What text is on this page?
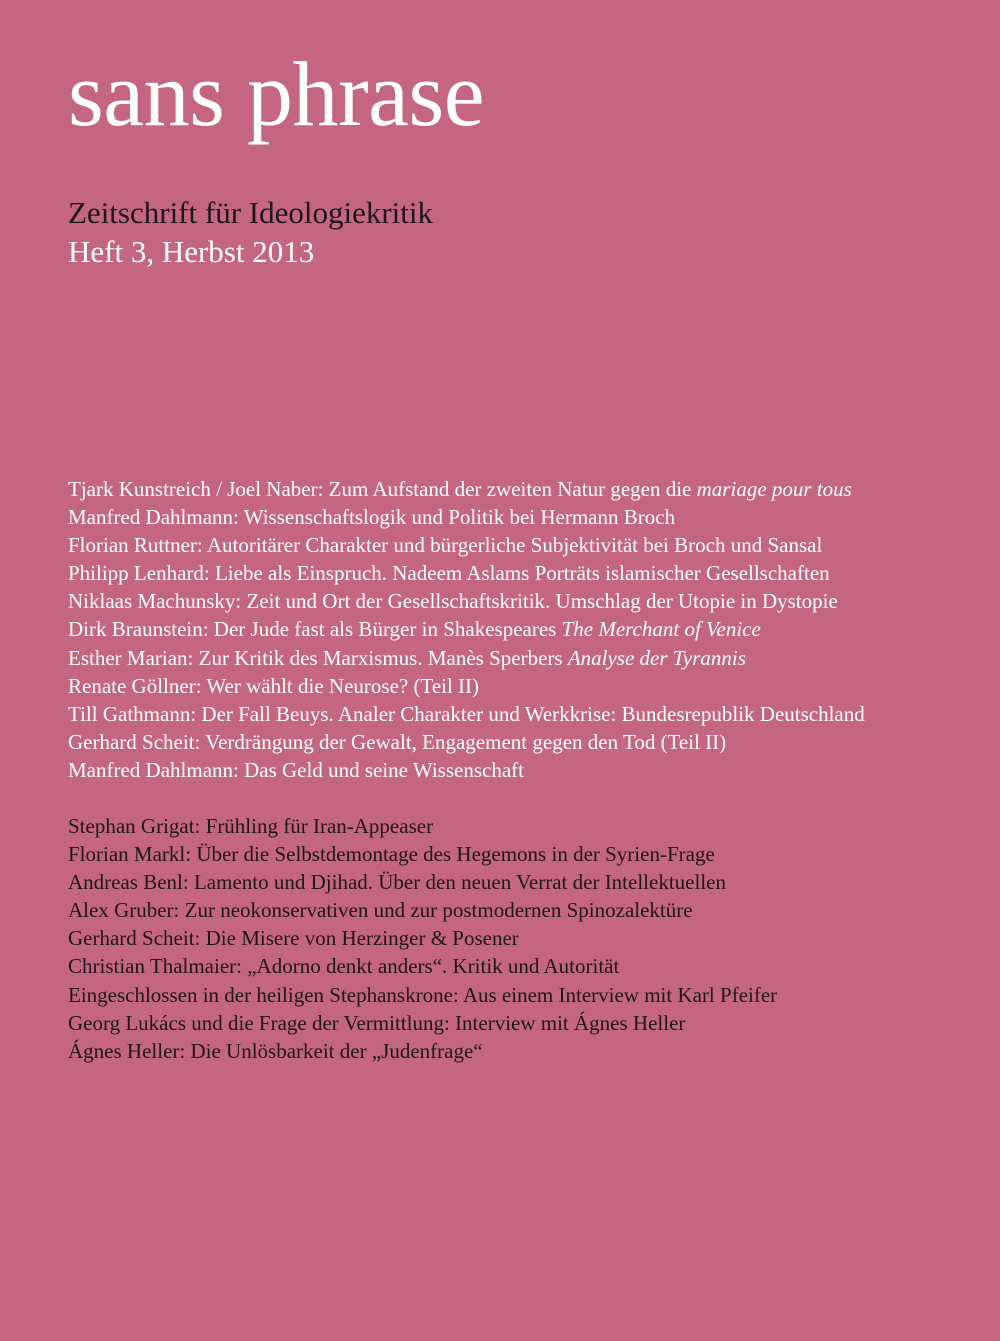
sans phrase
Zeitschrift für Ideologiekritik
Heft 3, Herbst 2013
Tjark Kunstreich / Joel Naber: Zum Aufstand der zweiten Natur gegen die mariage pour tous
Manfred Dahlmann: Wissenschaftslogik und Politik bei Hermann Broch
Florian Ruttner: Autoritärer Charakter und bürgerliche Subjektivität bei Broch und Sansal
Philipp Lenhard: Liebe als Einspruch. Nadeem Aslams Porträts islamischer Gesellschaften
Niklaas Machunsky: Zeit und Ort der Gesellschaftskritik. Umschlag der Utopie in Dystopie
Dirk Braunstein: Der Jude fast als Bürger in Shakespeares The Merchant of Venice
Esther Marian: Zur Kritik des Marxismus. Manès Sperbers Analyse der Tyrannis
Renate Göllner: Wer wählt die Neurose? (Teil II)
Till Gathmann: Der Fall Beuys. Analer Charakter und Werkkrise: Bundesrepublik Deutschland
Gerhard Scheit: Verdrängung der Gewalt, Engagement gegen den Tod (Teil II)
Manfred Dahlmann: Das Geld und seine Wissenschaft
Stephan Grigat: Frühling für Iran-Appeaser
Florian Markl: Über die Selbstdemontage des Hegemons in der Syrien-Frage
Andreas Benl: Lamento und Djihad. Über den neuen Verrat der Intellektuellen
Alex Gruber: Zur neokonservativen und zur postmodernen Spinozalektüre
Gerhard Scheit: Die Misere von Herzinger & Posener
Christian Thalmaier: „Adorno denkt anders“. Kritik und Autorität
Eingeschlossen in der heiligen Stephanskrone: Aus einem Interview mit Karl Pfeifer
Georg Lukács und die Frage der Vermittlung: Interview mit Ágnes Heller
Ágnes Heller: Die Unlösbarkeit der „Judenfrage“
